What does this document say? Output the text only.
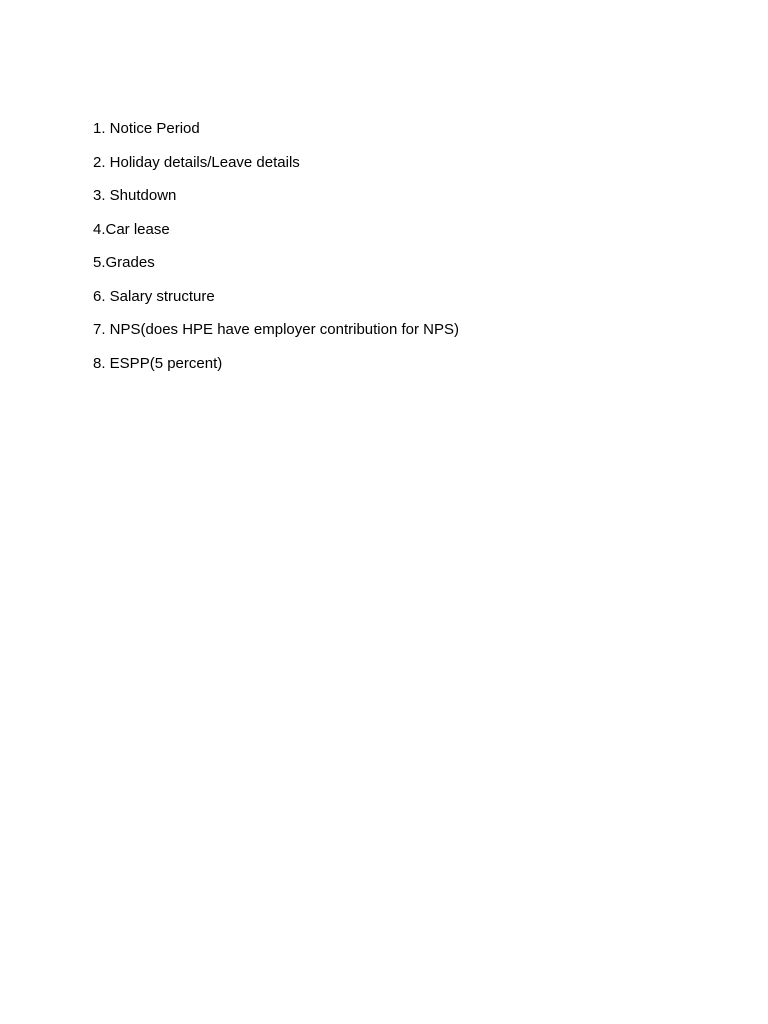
1. Notice Period
2. Holiday details/Leave details
3. Shutdown
4.Car lease
5.Grades
6. Salary structure
7. NPS(does HPE have employer contribution for NPS)
8. ESPP(5 percent)
